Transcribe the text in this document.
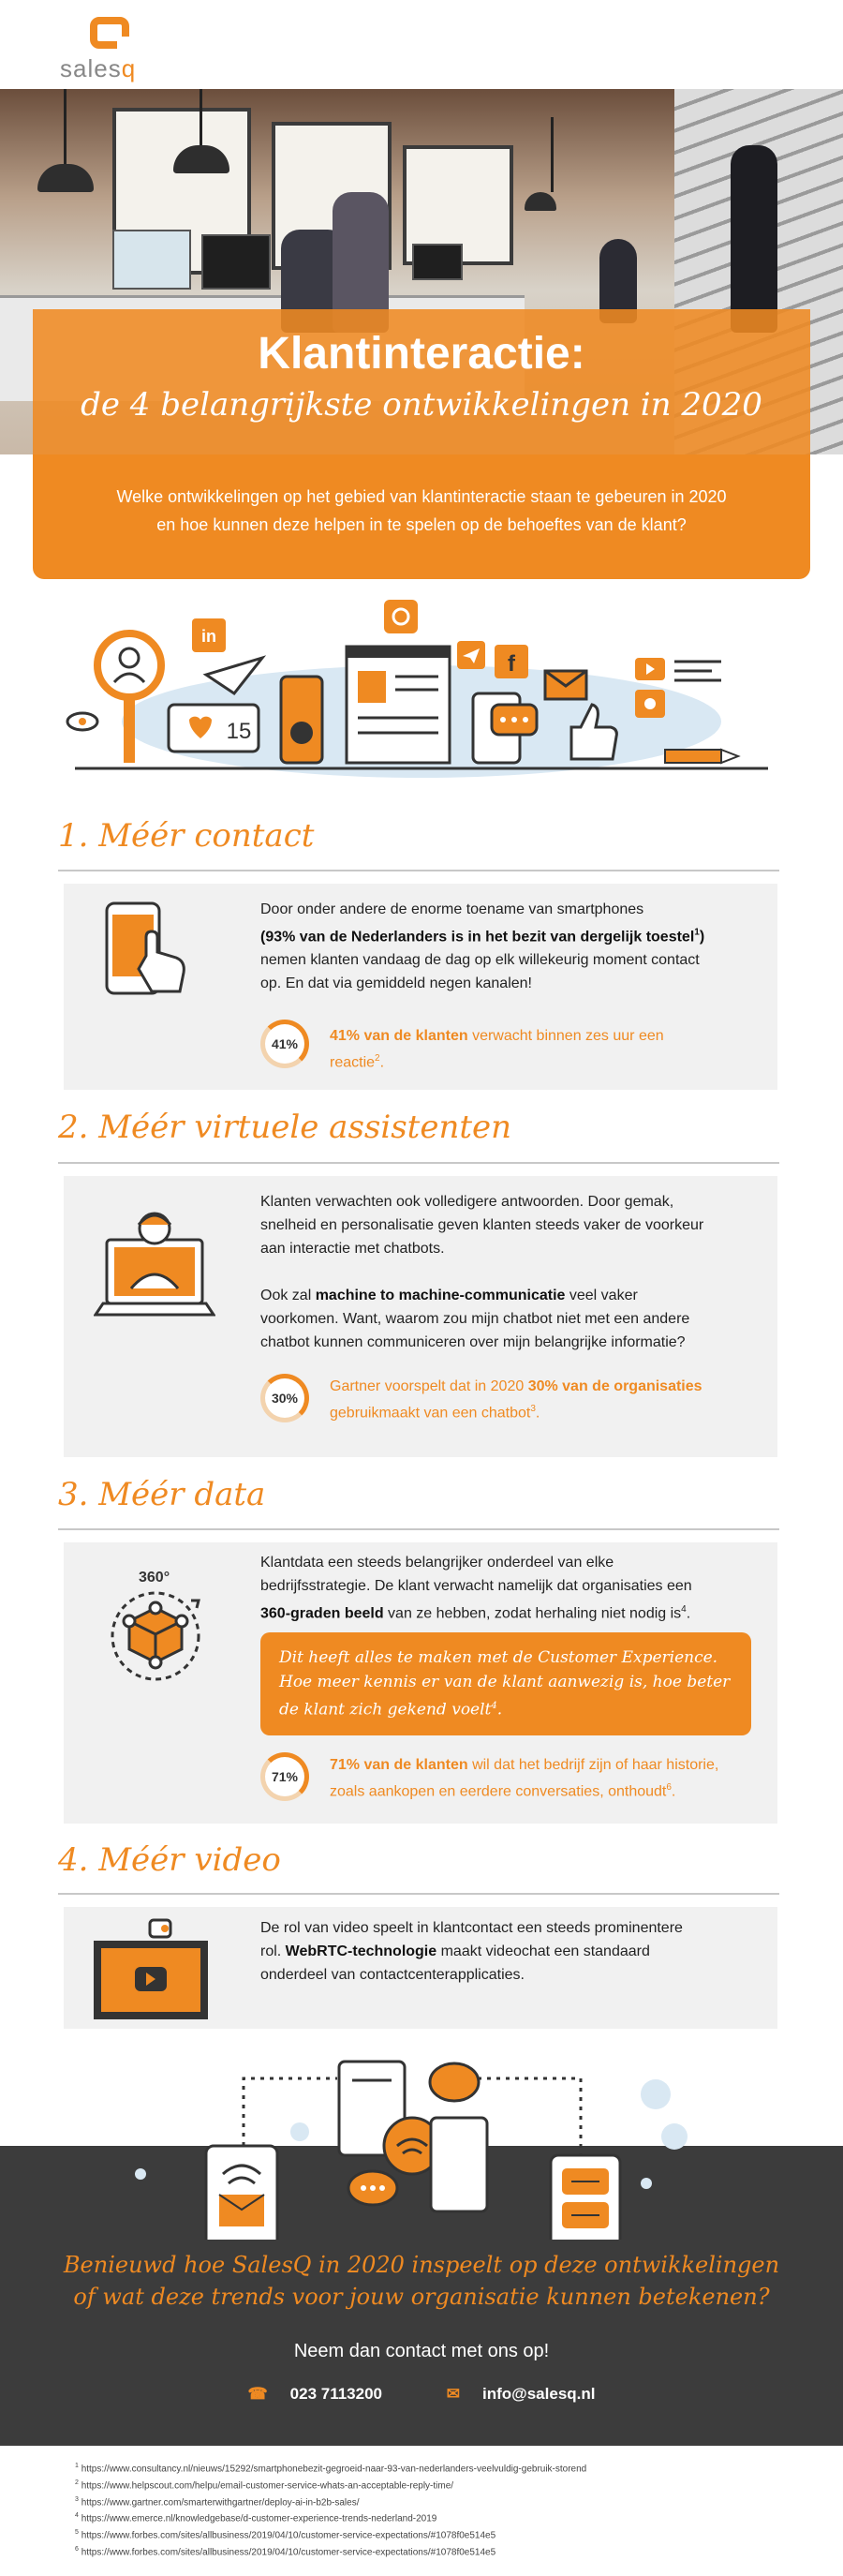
salesq
Klantinteractie:
de 4 belangrijkste ontwikkelingen in 2020
Welke ontwikkelingen op het gebied van klantinteractie staan te gebeuren in 2020
en hoe kunnen deze helpen in te spelen op de behoeftes van de klant?
in
15
f
1. Méér contact
Door onder andere de enorme toename van smartphones
(93% van de Nederlanders is in het bezit van dergelijk toestel$^1$)
nemen klanten vandaag de dag op elk willekeurig moment contact
op. En dat via gemiddeld negen kanalen!
41%	41% van de klanten verwacht binnen zes uur een
reactie$^2$.
2. Méér virtuele assistenten
Klanten verwachten ook volledigere antwoorden. Door gemak,
snelheid en personalisatie geven klanten steeds vaker de voorkeur
aan interactie met chatbots.
Ook zal machine to machine-communicatie veel vaker
voorkomen. Want, waarom zou mijn chatbot niet met een andere
chatbot kunnen communiceren over mijn belangrijke informatie?
30%
Gartner voorspelt dat in 2020 30% van de organisaties
gebruikmaakt van een chatbot$^3$.
3. Méér data
360°
Klantdata een steeds belangrijker onderdeel van elke
bedrijfsstrategie. De klant verwacht namelijk dat organisaties een
360-graden beeld van ze hebben, zodat herhaling niet nodig $is^4$.
Dit heeft alles te maken met de Customer Experience.
Hoe meer kennis er van de klant aanwezig is, hoe beter
de klant zich gekend voelt$^4$.
71%
71% van de klanten wil dat het bedrijf zijn of haar historie,
zoals aankopen en eerdere conversaties, onthoudt$^6$.
4. Méér video
De rol van video speelt in klantcontact een steeds prominentere
rol. WebRTC-technologie maakt videochat een standaard
onderdeel van contactcenterapplicaties.
Benieuwd hoe SalesQ in 2020 inspeelt op deze ontwikkelingen
of wat deze trends voor jouw organisatie kunnen betekenen?
Neem dan contact met ons op!
☎ 023 7113200	✉ info@salesq.nl
$^1$ https://www.consultancy.nl/nieuws/15292/smartphonebezit-gegroeid-naar-93-van-nederlanders-veelvuldig-gebruik-storend
$^2$ https://www.helpscout.com/helpu/email-customer-service-whats-an-acceptable-reply-time/
$^3$ https://www.gartner.com/smarterwithgartner/deploy-ai-in-b2b-sales/
$^4$ https://www.emerce.nl/knowledgebase/d-customer-experience-trends-nederland-2019
$^5$ https://www.forbes.com/sites/allbusiness/2019/04/10/customer-service-expectations/#1078f0e514e5
$^6$ https://www.forbes.com/sites/allbusiness/2019/04/10/customer-service-expectations/#1078f0e514e5
